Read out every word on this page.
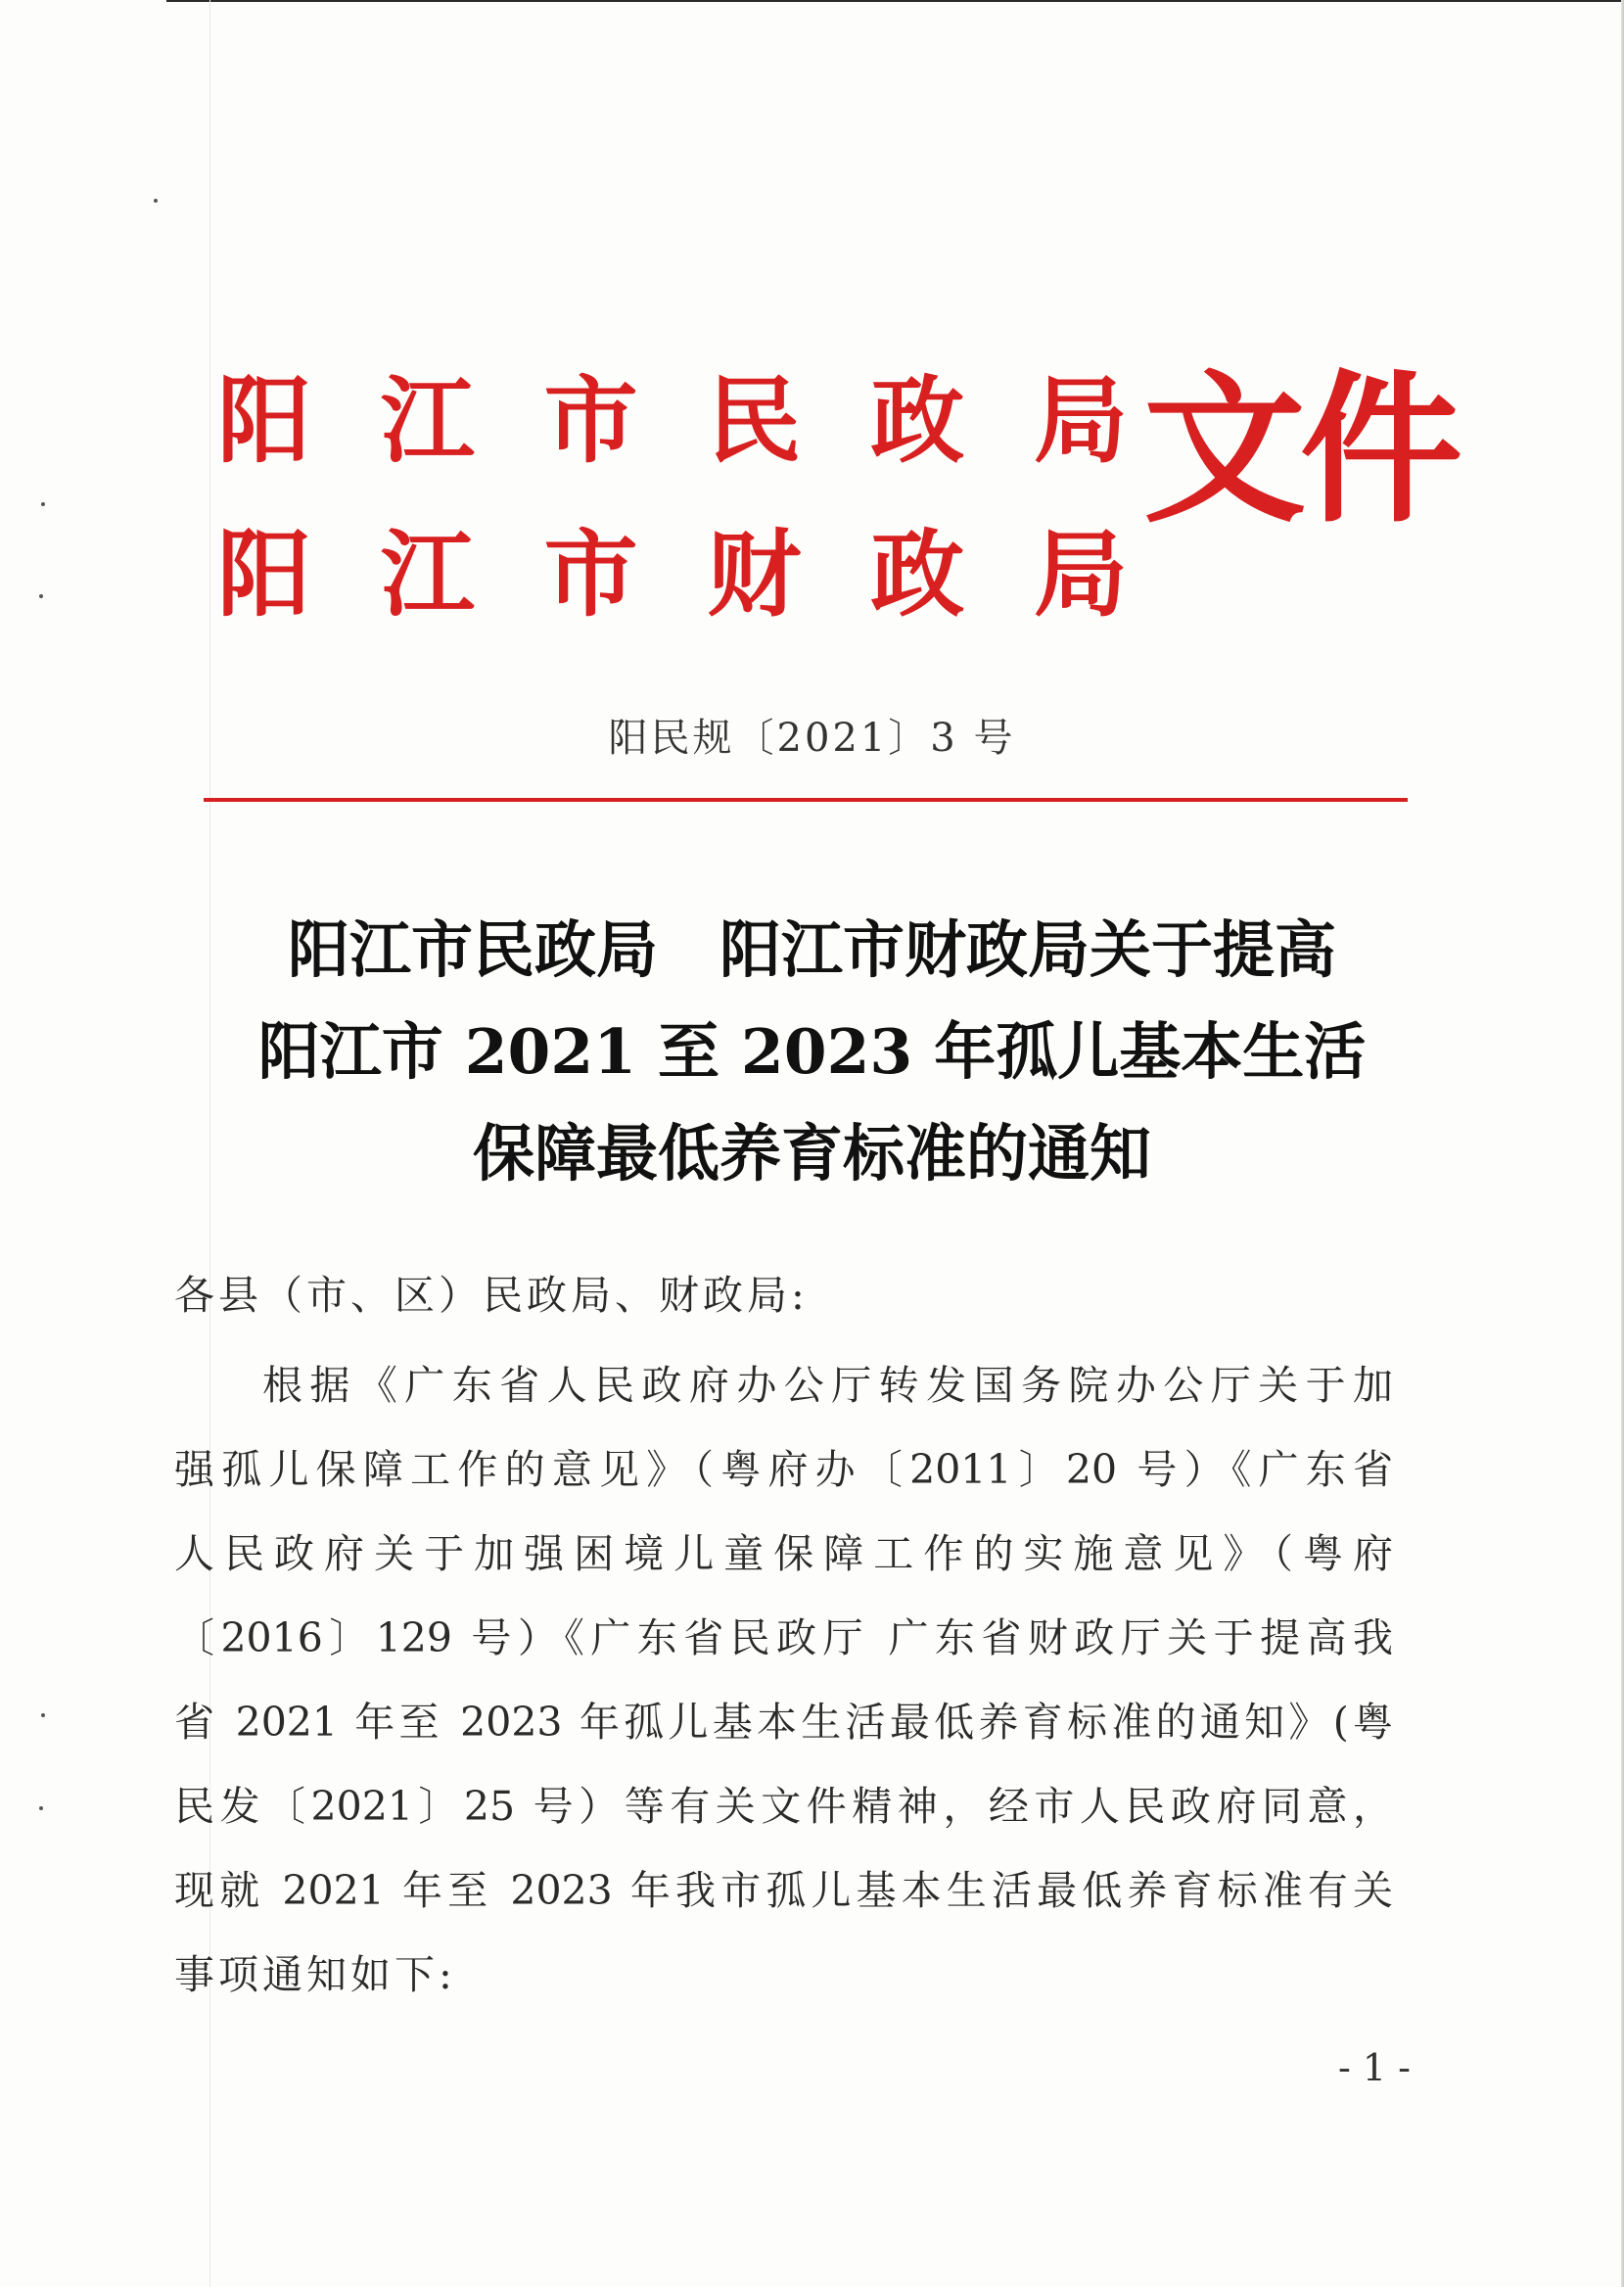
阳 江 市 民 政 局
阳 江 市 财 政 局
文件
阳民规〔2021〕3 号
阳江市民政局　阳江市财政局关于提高
阳江市 2021 至 2023 年孤儿基本生活
保障最低养育标准的通知
各县（市、区）民政局、财政局:
根据《广东省人民政府办公厅转发国务院办公厅关于加
强孤儿保障工作的意见》（粤府办〔2011〕20 号）《广东省
人民政府关于加强困境儿童保障工作的实施意见》（粤府
〔2016〕129 号）《广东省民政厅 广东省财政厅关于提高我
省 2021 年至 2023 年孤儿基本生活最低养育标准的通知》(粤
民发〔2021〕25 号）等有关文件精神，经市人民政府同意，
现就 2021 年至 2023 年我市孤儿基本生活最低养育标准有关
事项通知如下:
- 1 -
